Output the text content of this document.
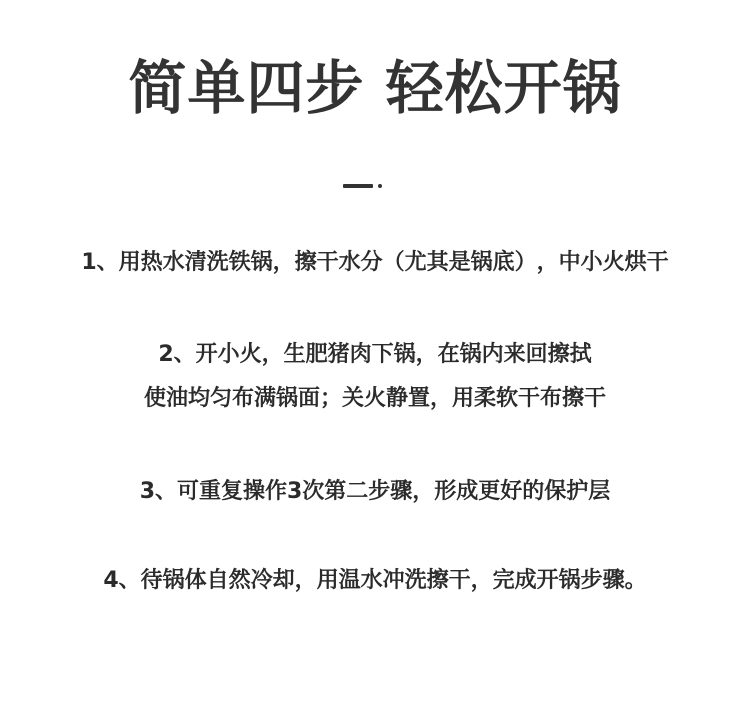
简单四步 轻松开锅
1、用热水清洗铁锅，擦干水分（尤其是锅底），中小火烘干
2、开小火，生肥猪肉下锅，在锅内来回擦拭
使油均匀布满锅面；关火静置，用柔软干布擦干
3、可重复操作3次第二步骤，形成更好的保护层
4、待锅体自然冷却，用温水冲洗擦干，完成开锅步骤。
